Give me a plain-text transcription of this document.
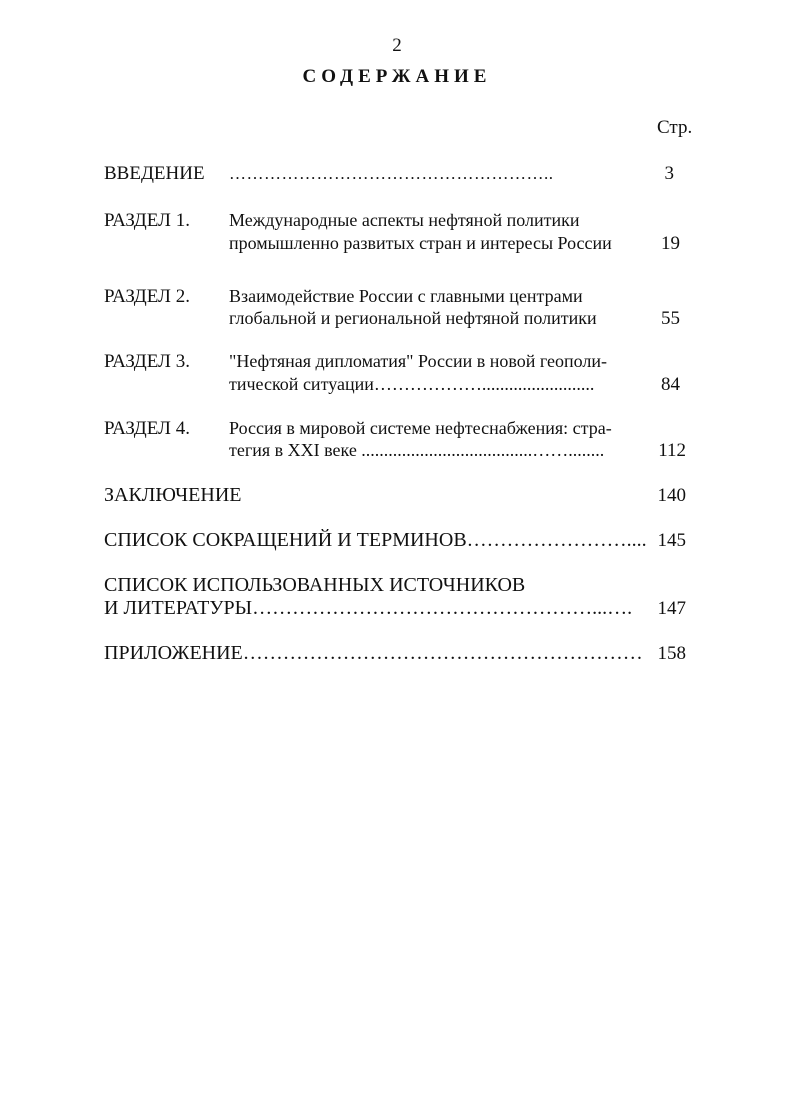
2
СОДЕРЖАНИЕ
Стр.
ВВЕДЕНИЕ ………………………………………………..	3
РАЗДЕЛ 1. Международные аспекты нефтяной политики
промышленно развитых стран и интересы России	19
РАЗДЕЛ 2. Взаимодействие России с главными центрами
глобальной и региональной нефтяной политики	55
РАЗДЕЛ 3. "Нефтяная дипломатия" России в новой геополи-
тической ситуации……………….........................	84
РАЗДЕЛ 4. Россия в мировой системе нефтеснабжения: стра-
тегия в XXI веке ......................................……........	112
ЗАКЛЮЧЕНИЕ	140
СПИСОК СОКРАЩЕНИЙ И ТЕРМИНОВ…………………….... 145
СПИСОК ИСПОЛЬЗОВАННЫХ ИСТОЧНИКОВ
И ЛИТЕРАТУРЫ……………………………………………...….	147
ПРИЛОЖЕНИЕ…………………………………………………… 158
